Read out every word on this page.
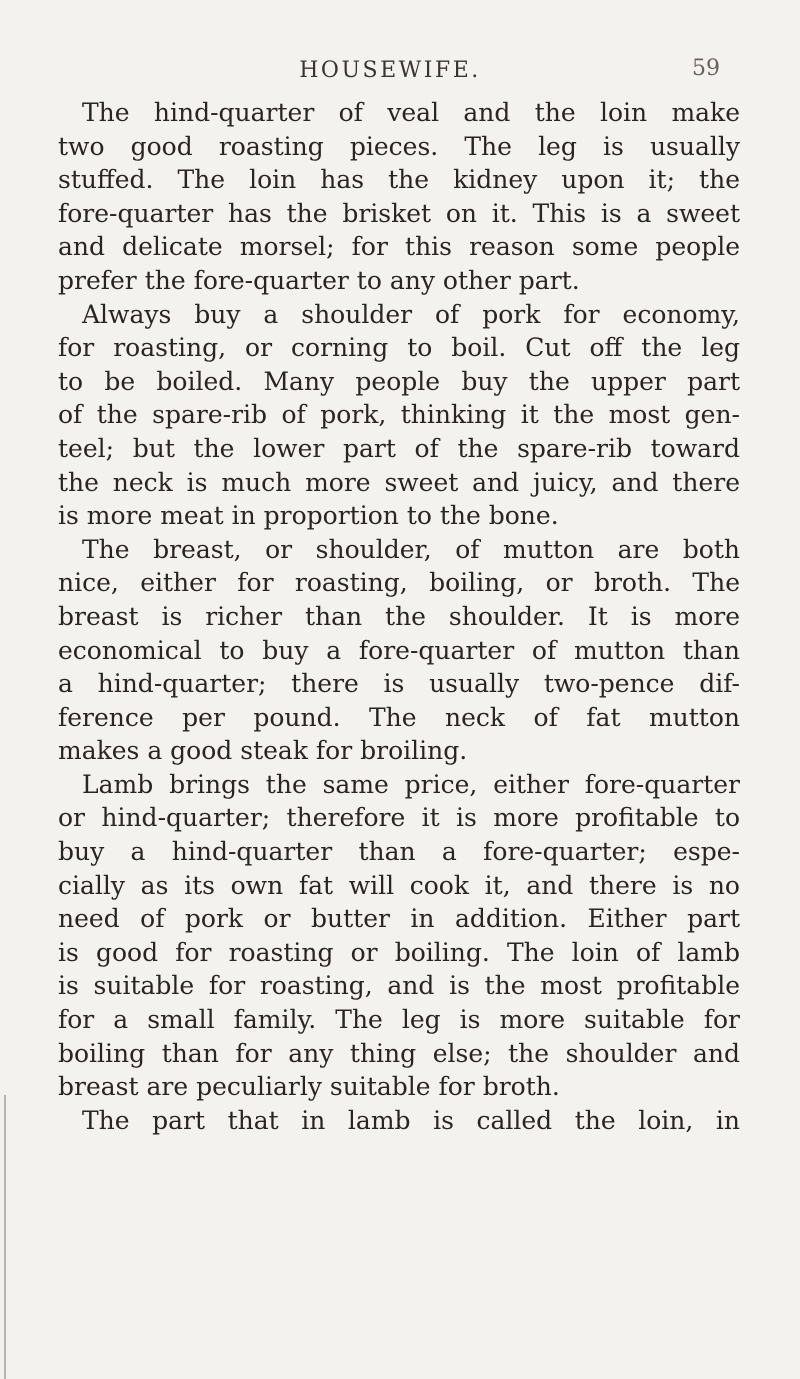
HOUSEWIFE.	59
The hind-quarter of veal and the loin make
two good roasting pieces. The leg is usually
stuffed. The loin has the kidney upon it; the
fore-quarter has the brisket on it. This is a sweet
and delicate morsel; for this reason some people
prefer the fore-quarter to any other part.
Always buy a shoulder of pork for economy,
for roasting, or corning to boil. Cut off the leg
to be boiled. Many people buy the upper part
of the spare-rib of pork, thinking it the most gen-
teel; but the lower part of the spare-rib toward
the neck is much more sweet and juicy, and there
is more meat in proportion to the bone.
The breast, or shoulder, of mutton are both
nice, either for roasting, boiling, or broth. The
breast is richer than the shoulder. It is more
economical to buy a fore-quarter of mutton than
a hind-quarter; there is usually two-pence dif-
ference per pound. The neck of fat mutton
makes a good steak for broiling.
Lamb brings the same price, either fore-quarter
or hind-quarter; therefore it is more profitable to
buy a hind-quarter than a fore-quarter; espe-
cially as its own fat will cook it, and there is no
need of pork or butter in addition. Either part
is good for roasting or boiling. The loin of lamb
is suitable for roasting, and is the most profitable
for a small family. The leg is more suitable for
boiling than for any thing else; the shoulder and
breast are peculiarly suitable for broth.
The part that in lamb is called the loin, in
